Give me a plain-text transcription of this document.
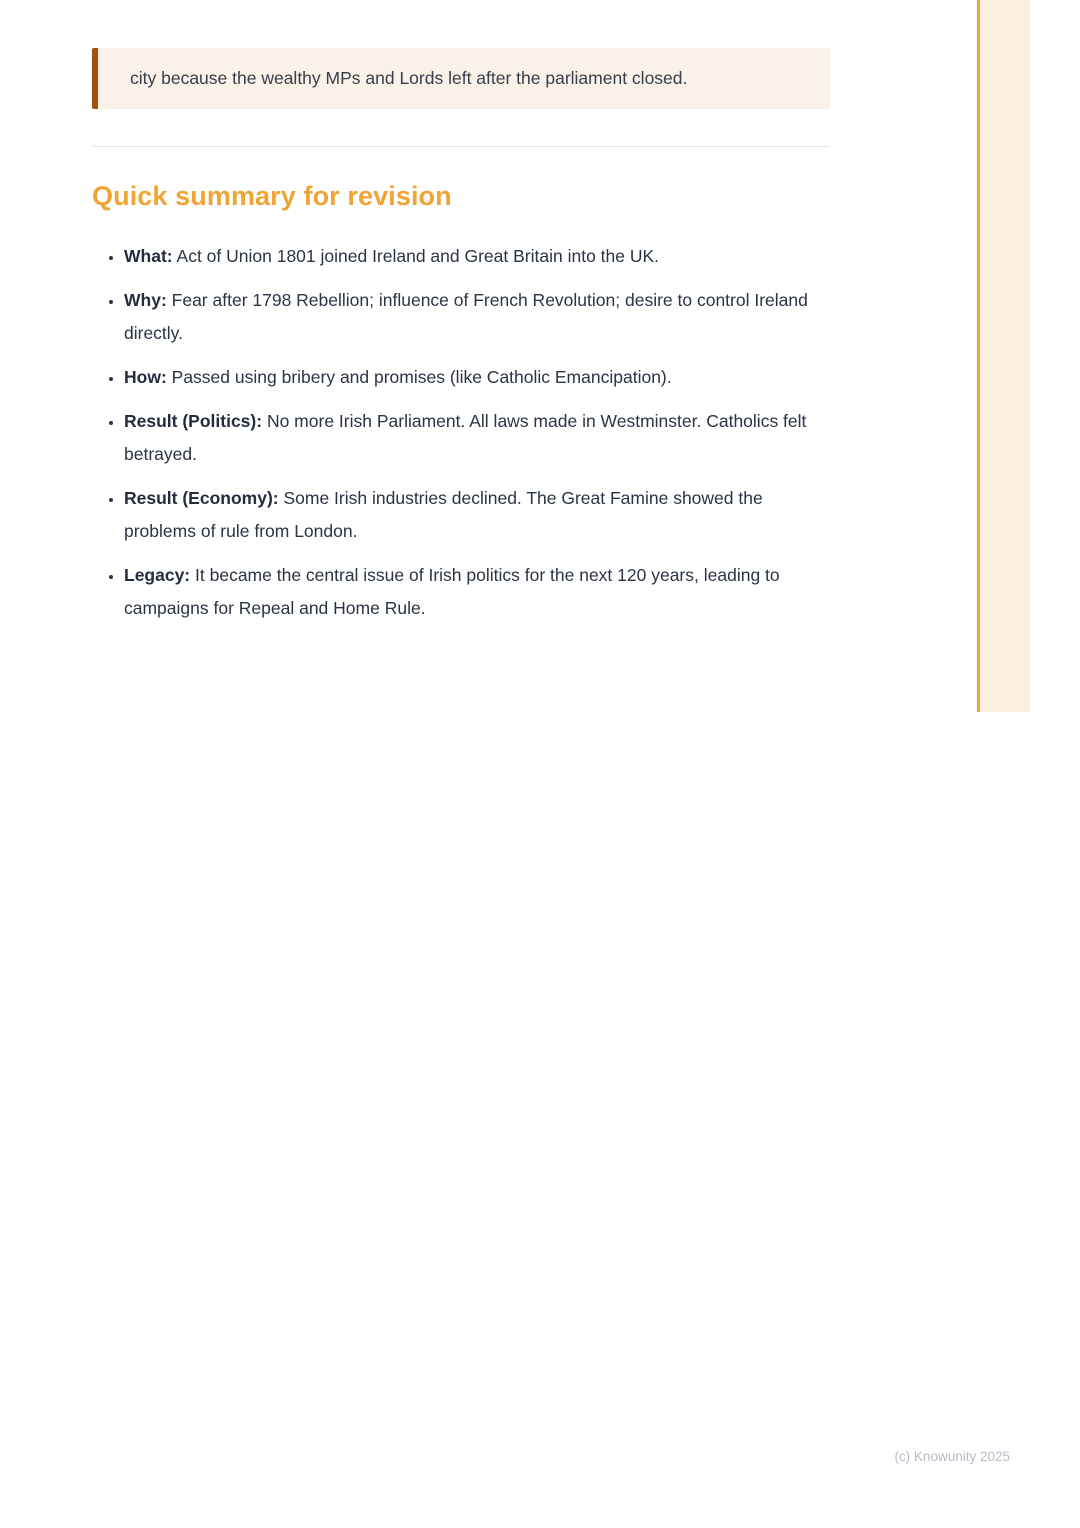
city because the wealthy MPs and Lords left after the parliament closed.
Quick summary for revision
• What: Act of Union 1801 joined Ireland and Great Britain into the UK.
• Why: Fear after 1798 Rebellion; influence of French Revolution; desire to control Ireland directly.
• How: Passed using bribery and promises (like Catholic Emancipation).
• Result (Politics): No more Irish Parliament. All laws made in Westminster. Catholics felt betrayed.
• Result (Economy): Some Irish industries declined. The Great Famine showed the problems of rule from London.
• Legacy: It became the central issue of Irish politics for the next 120 years, leading to campaigns for Repeal and Home Rule.
(c) Knowunity 2025
